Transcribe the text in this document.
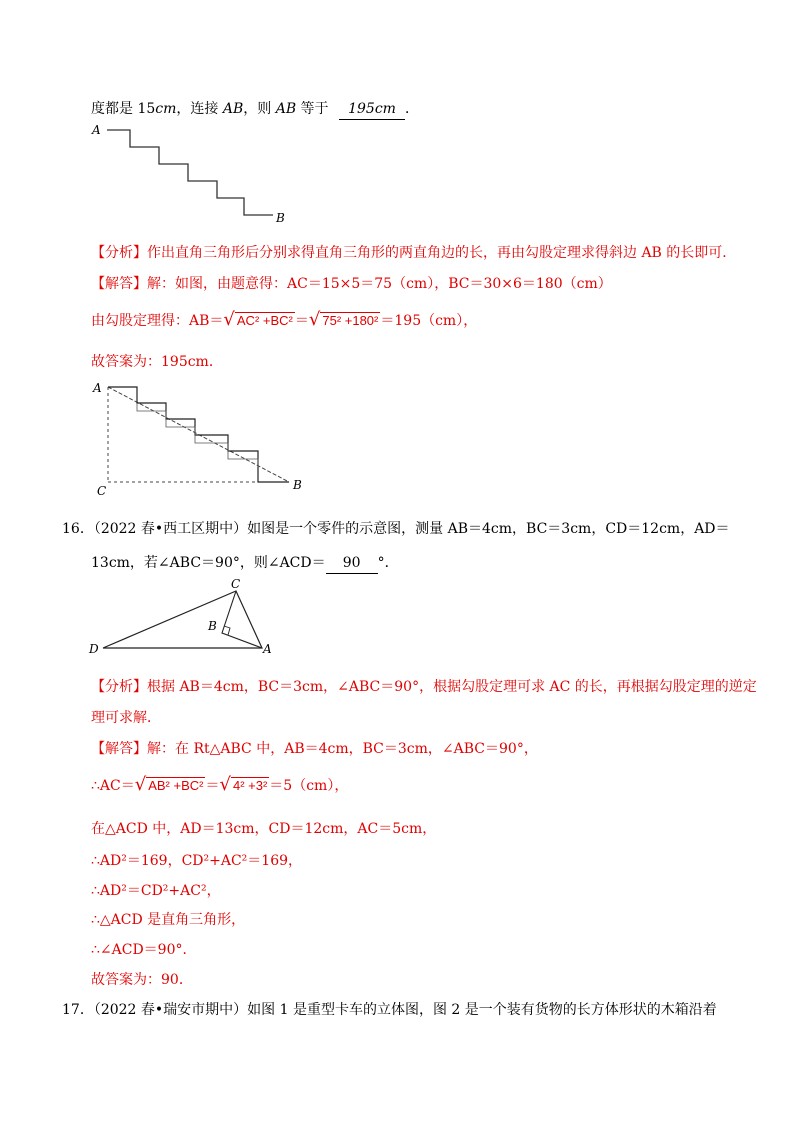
度都是 15cm，连接 AB，则 AB 等于 195cm ．
A
B
【分析】作出直角三角形后分别求得直角三角形的两直角边的长，再由勾股定理求得斜边 AB 的长即可．
【解答】解：如图，由题意得：AC＝15×5＝75（cm），BC＝30×6＝180（cm）
由勾股定理得：AB＝√ AC² +BC² ＝√ 75² +180² ＝195（cm），
故答案为：195cm．
A
B
C
16．（2022 春•西工区期中）如图是一个零件的示意图，测量 AB＝4cm，BC＝3cm，CD＝12cm，AD＝
13cm，若∠ABC＝90°，则∠ACD＝ 90 °．
C
B
D	A
【分析】根据 AB＝4cm，BC＝3cm，∠ABC＝90°，根据勾股定理可求 AC 的长，再根据勾股定理的逆定
理可求解．
【解答】解：在 Rt△ABC 中，AB＝4cm，BC＝3cm，∠ABC＝90°，
∴AC＝√ AB² +BC² ＝√ 4² +3² ＝5（cm），
在△ACD 中，AD＝13cm，CD＝12cm，AC＝5cm，
∴AD²＝169，CD²+AC²＝169，
∴AD²＝CD²+AC²，
∴△ACD 是直角三角形，
∴∠ACD＝90°．
故答案为：90．
17．（2022 春•瑞安市期中）如图 1 是重型卡车的立体图，图 2 是一个装有货物的长方体形状的木箱沿着
